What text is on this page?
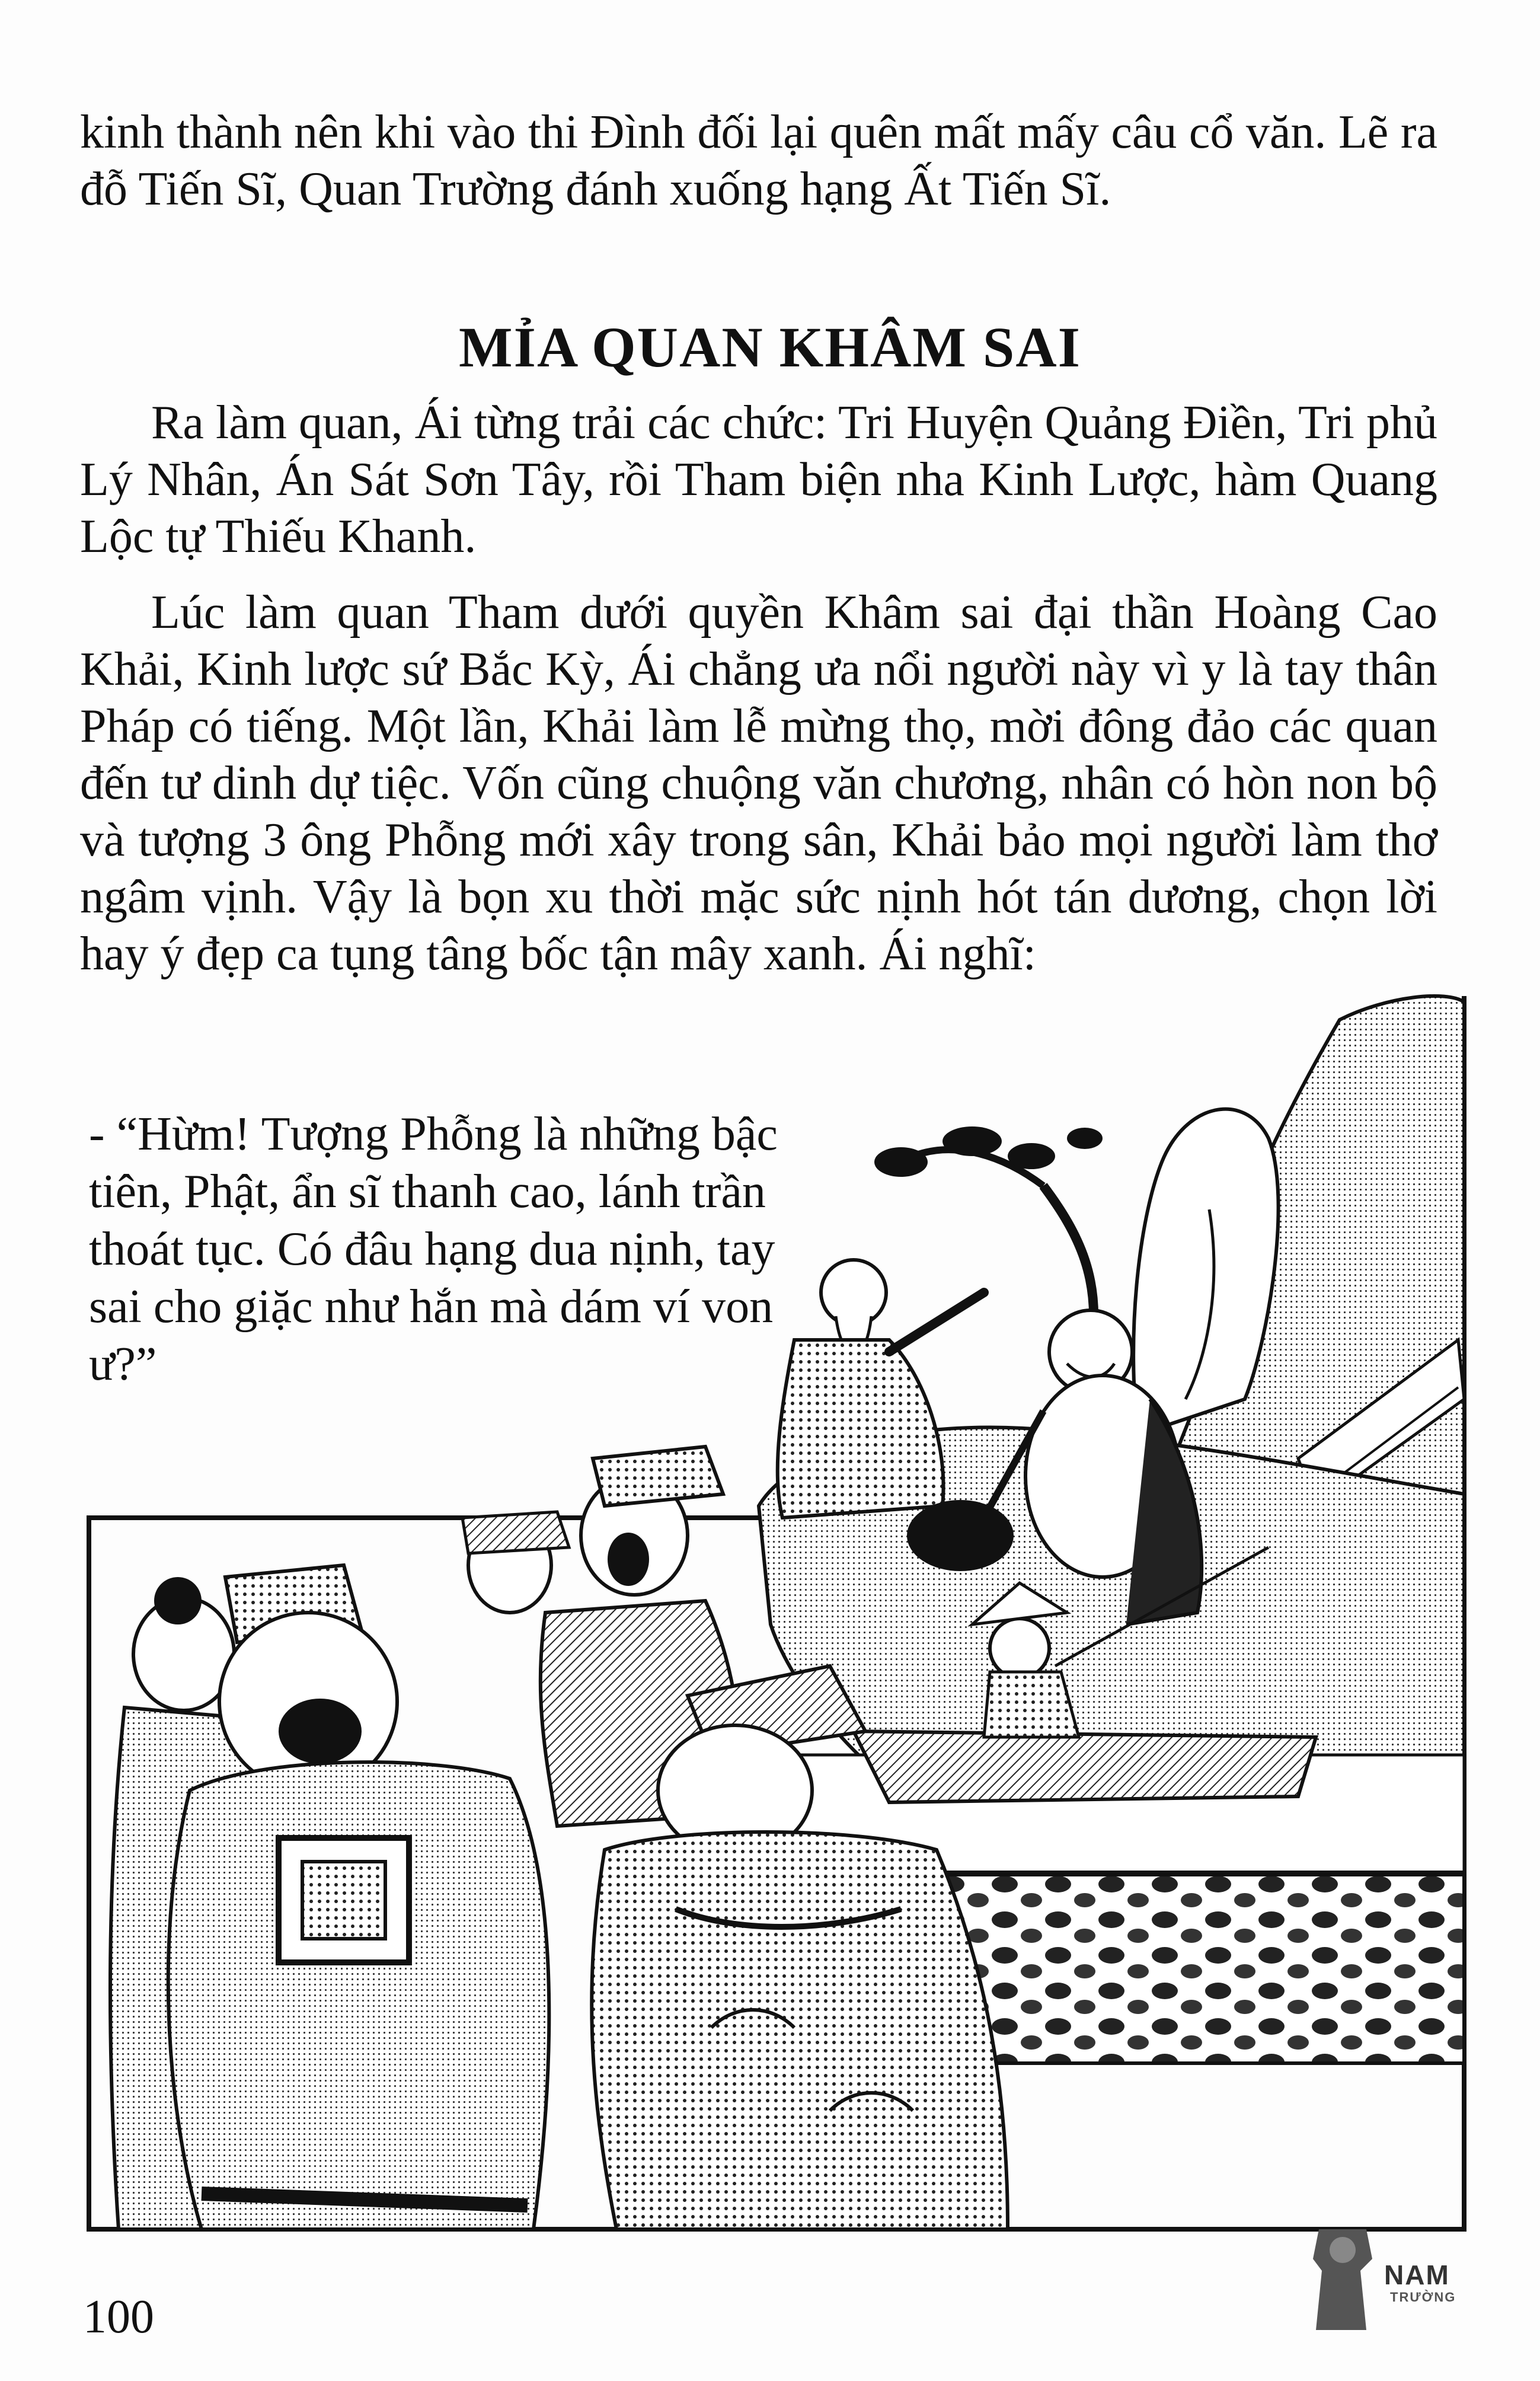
kinh thành nên khi vào thi Đình đối lại quên mất mấy câu cổ văn. Lẽ ra đỗ Tiến Sĩ, Quan Trường đánh xuống hạng Ất Tiến Sĩ.

MỈA QUAN KHÂM SAI

Ra làm quan, Ái từng trải các chức: Tri Huyện Quảng Điền, Tri phủ Lý Nhân, Án Sát Sơn Tây, rồi Tham biện nha Kinh Lược, hàm Quang Lộc tự Thiếu Khanh.

Lúc làm quan Tham dưới quyền Khâm sai đại thần Hoàng Cao Khải, Kinh lược sứ Bắc Kỳ, Ái chẳng ưa nổi người này vì y là tay thân Pháp có tiếng. Một lần, Khải làm lễ mừng thọ, mời đông đảo các quan đến tư dinh dự tiệc. Vốn cũng chuộng văn chương, nhân có hòn non bộ và tượng 3 ông Phỗng mới xây trong sân, Khải bảo mọi người làm thơ ngâm vịnh. Vậy là bọn xu thời mặc sức nịnh hót tán dương, chọn lời hay ý đẹp ca tụng tâng bốc tận mây xanh. Ái nghĩ:

- “Hừm! Tượng Phỗng là những bậc tiên, Phật, ẩn sĩ thanh cao, lánh trần thoát tục. Có đâu hạng dua nịnh, tay sai cho giặc như hắn mà dám ví von ư?”

100
NAM
TRƯỜNG
